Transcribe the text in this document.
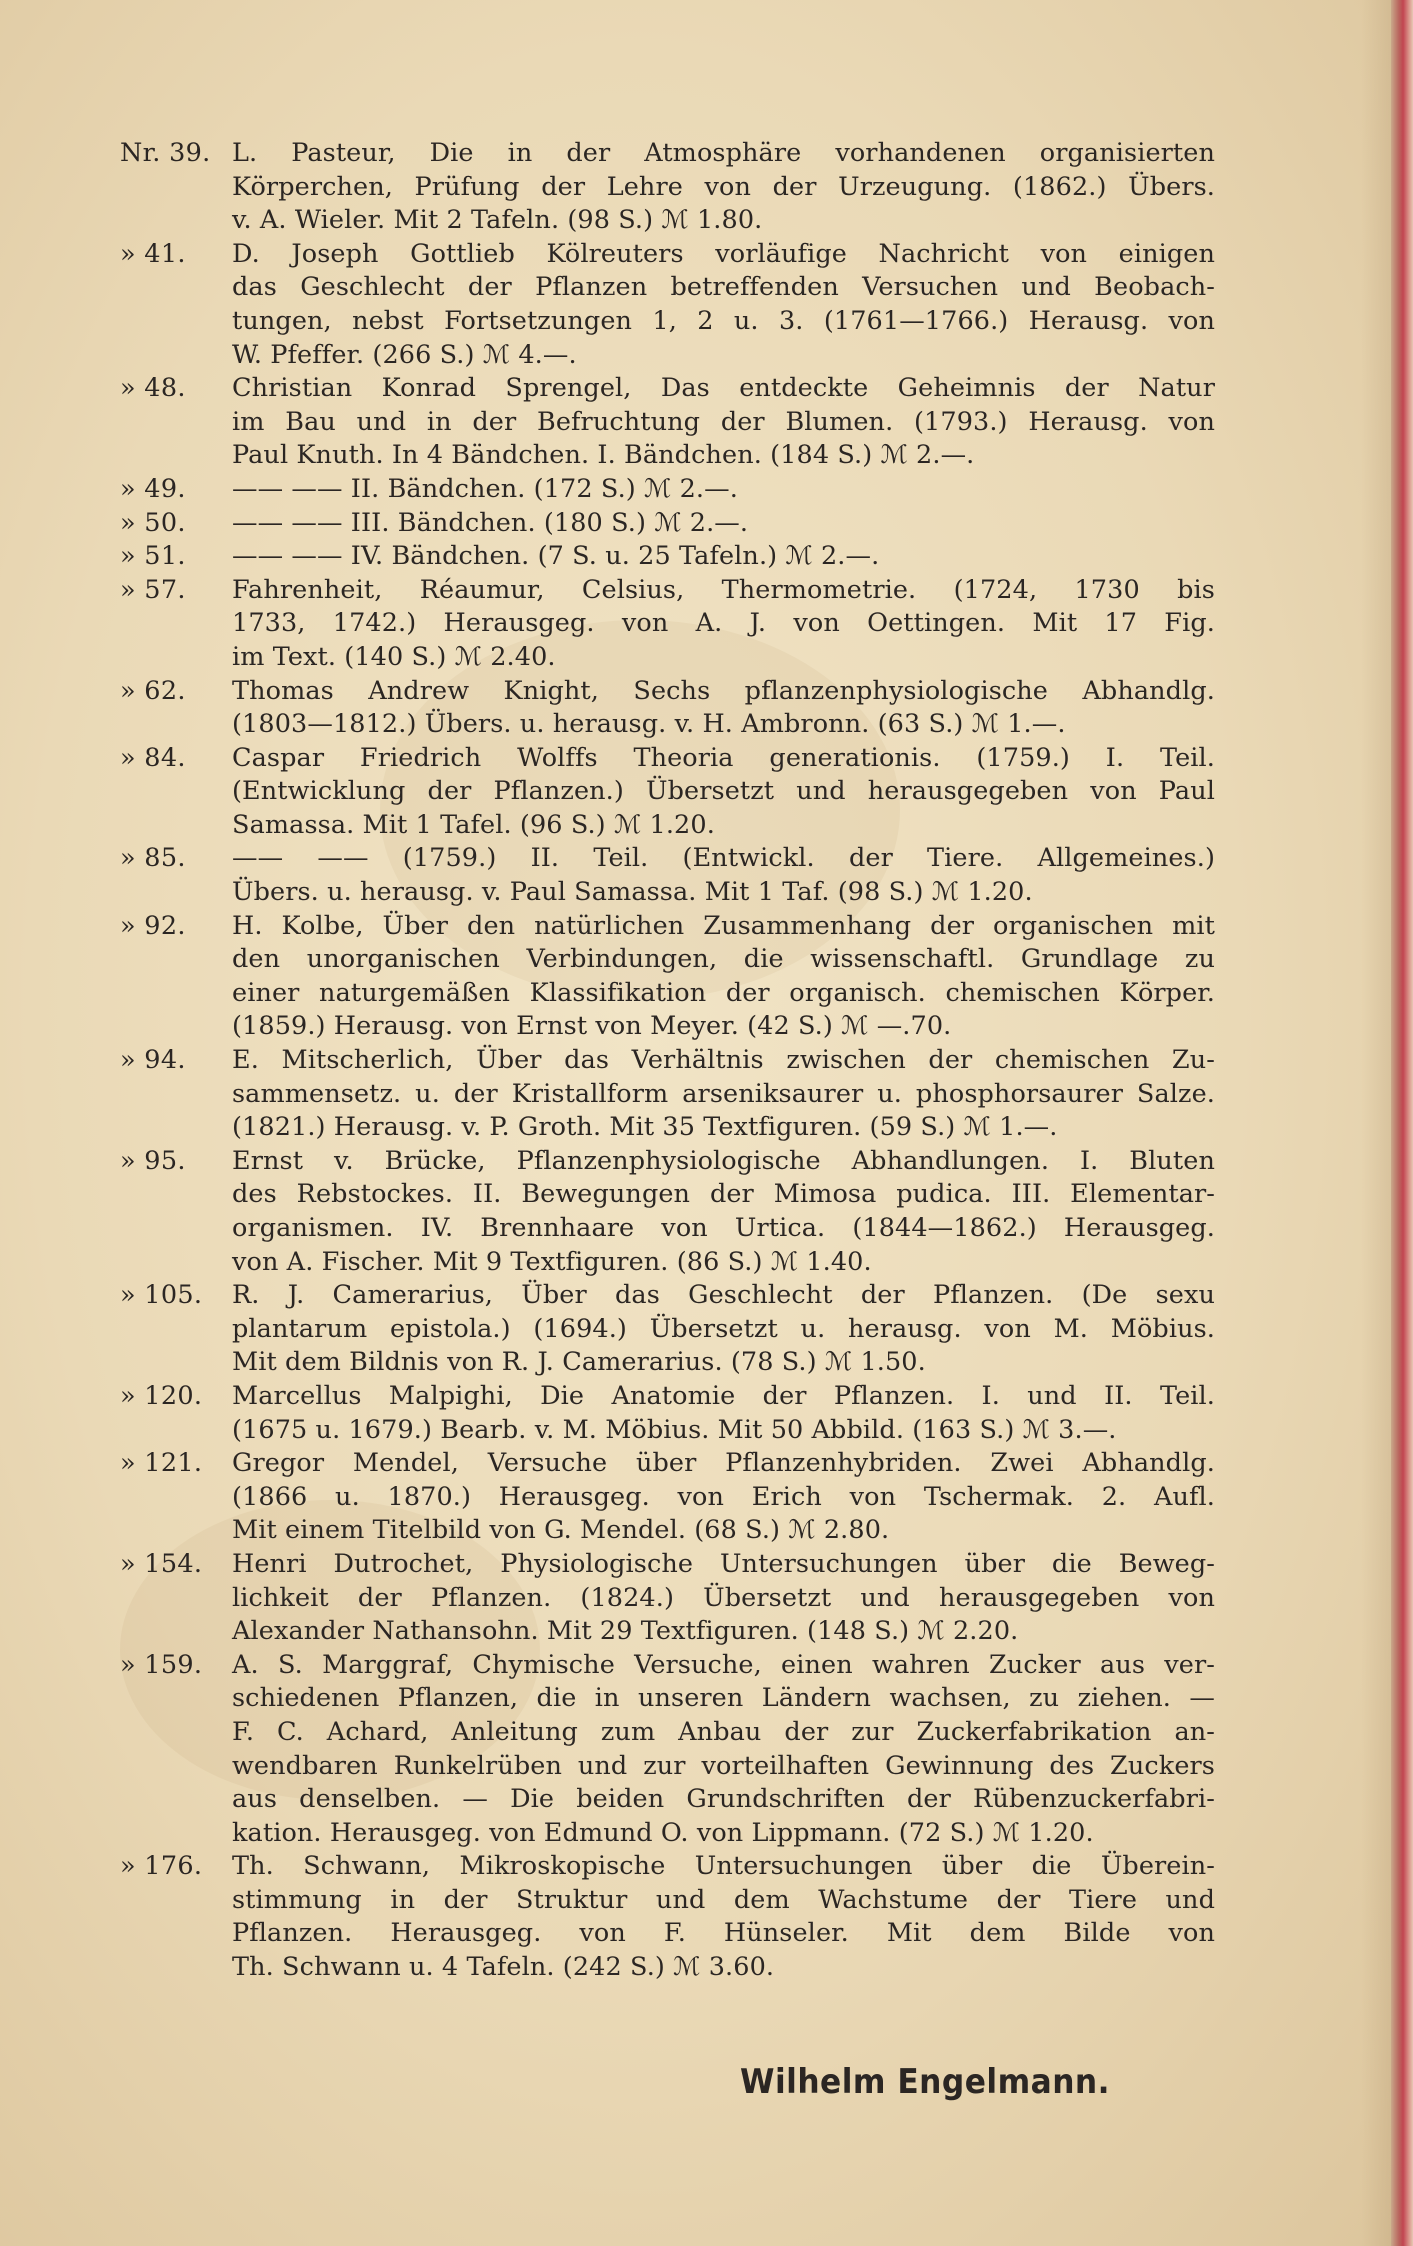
Nr. 39. L. Pasteur, Die in der Atmosphäre vorhandenen organisierten
Körperchen, Prüfung der Lehre von der Urzeugung. (1862.) Übers.
v. A. Wieler. Mit 2 Tafeln. (98 S.) ℳ 1.80.
» 41.	D. Joseph Gottlieb Kölreuters vorläufige Nachricht von einigen
das Geschlecht der Pflanzen betreffenden Versuchen und Beobach-
tungen, nebst Fortsetzungen 1, 2 u. 3. (1761—1766.) Herausg. von
W. Pfeffer. (266 S.) ℳ 4.—.
» 48.	Christian Konrad Sprengel, Das entdeckte Geheimnis der Natur
im Bau und in der Befruchtung der Blumen. (1793.) Herausg. von
Paul Knuth. In 4 Bändchen. I. Bändchen. (184 S.) ℳ 2.—.
» 49.	—— —— II. Bändchen. (172 S.) ℳ 2.—.
» 50.	—— —— III. Bändchen. (180 S.) ℳ 2.—.
» 51.	—— —— IV. Bändchen. (7 S. u. 25 Tafeln.) ℳ 2.—.
» 57.	Fahrenheit, Réaumur, Celsius, Thermometrie. (1724, 1730 bis
1733, 1742.) Herausgeg. von A. J. von Oettingen. Mit 17 Fig.
im Text. (140 S.) ℳ 2.40.
» 62.	Thomas Andrew Knight, Sechs pflanzenphysiologische Abhandlg.
(1803—1812.) Übers. u. herausg. v. H. Ambronn. (63 S.) ℳ 1.—.
» 84.	Caspar Friedrich Wolffs Theoria generationis. (1759.) I. Teil.
(Entwicklung der Pflanzen.) Übersetzt und herausgegeben von Paul
Samassa. Mit 1 Tafel. (96 S.) ℳ 1.20.
» 85.	—— —— (1759.) II. Teil. (Entwickl. der Tiere. Allgemeines.)
Übers. u. herausg. v. Paul Samassa. Mit 1 Taf. (98 S.) ℳ 1.20.
» 92.	H. Kolbe, Über den natürlichen Zusammenhang der organischen mit
den unorganischen Verbindungen, die wissenschaftl. Grundlage zu
einer naturgemäßen Klassifikation der organisch. chemischen Körper.
(1859.) Herausg. von Ernst von Meyer. (42 S.) ℳ —.70.
» 94.	E. Mitscherlich, Über das Verhältnis zwischen der chemischen Zu-
sammensetz. u. der Kristallform arseniksaurer u. phosphorsaurer Salze.
(1821.) Herausg. v. P. Groth. Mit 35 Textfiguren. (59 S.) ℳ 1.—.
» 95.	Ernst v. Brücke, Pflanzenphysiologische Abhandlungen. I. Bluten
des Rebstockes. II. Bewegungen der Mimosa pudica. III. Elementar-
organismen. IV. Brennhaare von Urtica. (1844—1862.) Herausgeg.
von A. Fischer. Mit 9 Textfiguren. (86 S.) ℳ 1.40.
» 105.	R. J. Camerarius, Über das Geschlecht der Pflanzen. (De sexu
plantarum epistola.) (1694.) Übersetzt u. herausg. von M. Möbius.
Mit dem Bildnis von R. J. Camerarius. (78 S.) ℳ 1.50.
» 120.	Marcellus Malpighi, Die Anatomie der Pflanzen. I. und II. Teil.
(1675 u. 1679.) Bearb. v. M. Möbius. Mit 50 Abbild. (163 S.) ℳ 3.—.
» 121.	Gregor Mendel, Versuche über Pflanzenhybriden. Zwei Abhandlg.
(1866 u. 1870.) Herausgeg. von Erich von Tschermak. 2. Aufl.
Mit einem Titelbild von G. Mendel. (68 S.) ℳ 2.80.
» 154.	Henri Dutrochet, Physiologische Untersuchungen über die Beweg-
lichkeit der Pflanzen. (1824.) Übersetzt und herausgegeben von
Alexander Nathansohn. Mit 29 Textfiguren. (148 S.) ℳ 2.20.
» 159.	A. S. Marggraf, Chymische Versuche, einen wahren Zucker aus ver-
schiedenen Pflanzen, die in unseren Ländern wachsen, zu ziehen. —
F. C. Achard, Anleitung zum Anbau der zur Zuckerfabrikation an-
wendbaren Runkelrüben und zur vorteilhaften Gewinnung des Zuckers
aus denselben. — Die beiden Grundschriften der Rübenzuckerfabri-
kation. Herausgeg. von Edmund O. von Lippmann. (72 S.) ℳ 1.20.
» 176.	Th. Schwann, Mikroskopische Untersuchungen über die Überein-
stimmung in der Struktur und dem Wachstume der Tiere und
Pflanzen. Herausgeg. von F. Hünseler. Mit dem Bilde von
Th. Schwann u. 4 Tafeln. (242 S.) ℳ 3.60.
Wilhelm Engelmann.
